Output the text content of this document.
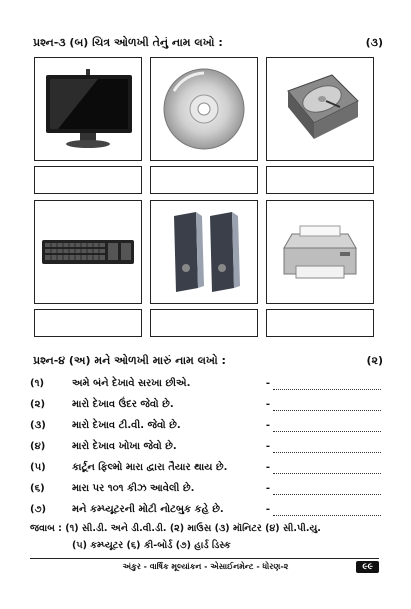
પ્રશ્ન-૩ (બ) ચિત્ર ઓળખી તેનું નામ લખો :	(૩)
પ્રશ્ન-૪ (અ) મને ઓળખી મારું નામ લખો :	(૨)
(૧)	અમે બંને દેખાવે સરખા છીએ.	-
(૨)	મારો દેખાવ ઉંદર જેવો છે.	-
(૩)	મારો દેખાવ ટી.વી. જેવો છે.	-
(૪)	મારો દેખાવ ખોખા જેવો છે.	-
(૫)	કાર્ટૂન ફિલ્મો મારા દ્વારા તૈયાર થાય છે.	-
(૬)	મારા પર ૧૦૧ કીઝ આવેલી છે.	-
(૭)	મને કમ્પ્યૂટરની મોટી નોટબુક કહે છે.	-
જવાબ : (૧) સી.ડી. અને ડી.વી.ડી. (૨) માઉસ (૩) મૉનિટર (૪) સી.પી.યુ.
(૫) કમ્પ્યૂટર (૬) કી-બોર્ડ (૭) હાર્ડ ડિસ્ક
અંકુર - વાર્ષિક મૂલ્યાંકન - એસાઈનમેન્ટ - ધોરણ-૨	૯૯
